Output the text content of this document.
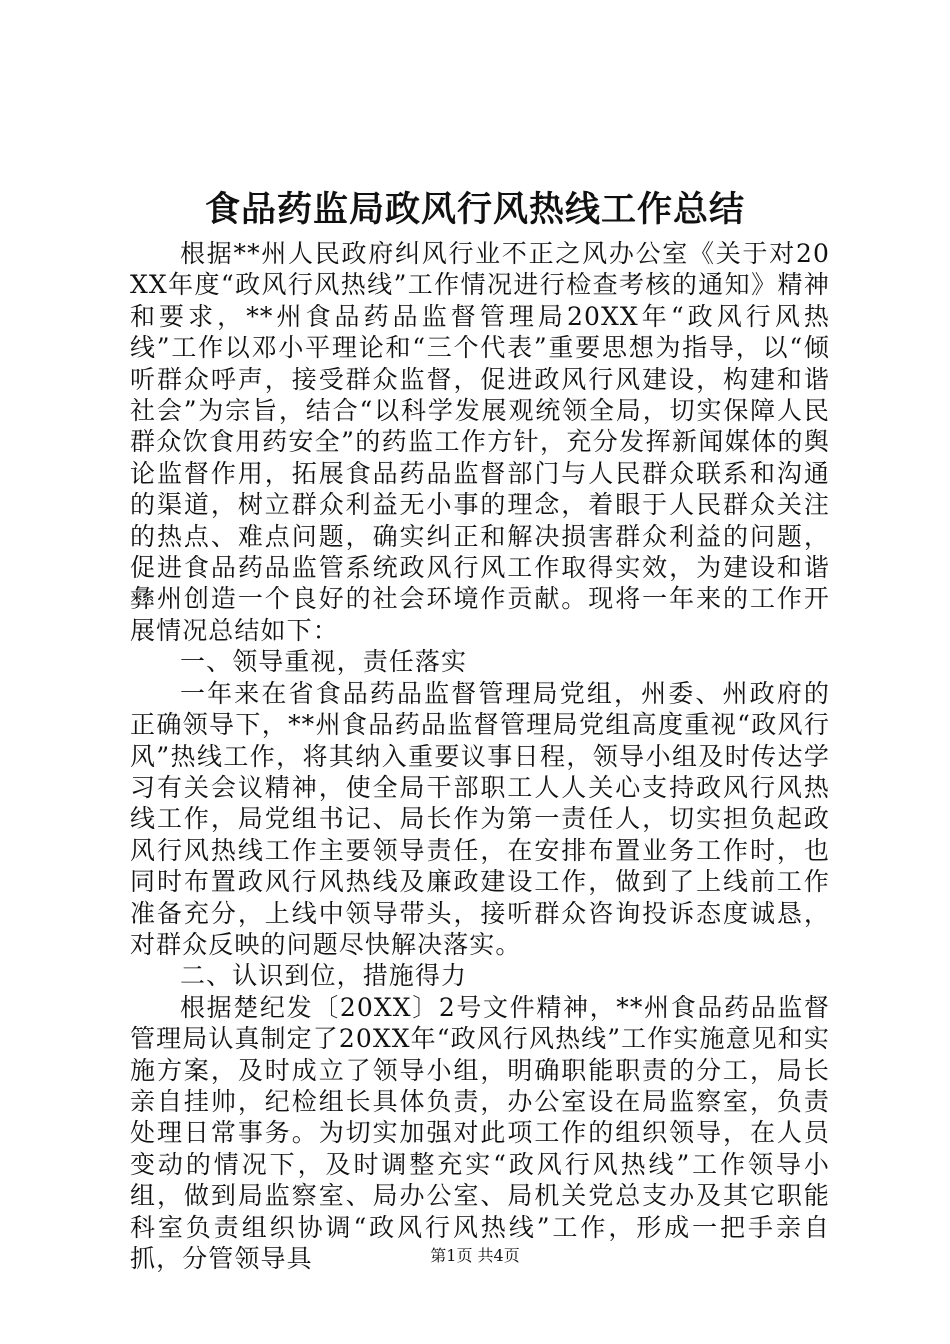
食品药监局政风行风热线工作总结

根据**州人民政府纠风行业不正之风办公室《关于对20XX年度“政风行风热线”工作情况进行检查考核的通知》精神和要求，**州食品药品监督管理局20XX年“政风行风热线”工作以邓小平理论和“三个代表”重要思想为指导，以“倾听群众呼声，接受群众监督，促进政风行风建设，构建和谐社会”为宗旨，结合“以科学发展观统领全局，切实保障人民群众饮食用药安全”的药监工作方针，充分发挥新闻媒体的舆论监督作用，拓展食品药品监督部门与人民群众联系和沟通的渠道，树立群众利益无小事的理念，着眼于人民群众关注的热点、难点问题，确实纠正和解决损害群众利益的问题，促进食品药品监管系统政风行风工作取得实效，为建设和谐彝州创造一个良好的社会环境作贡献。现将一年来的工作开展情况总结如下：

一、领导重视，责任落实

一年来在省食品药品监督管理局党组，州委、州政府的正确领导下，**州食品药品监督管理局党组高度重视“政风行风”热线工作，将其纳入重要议事日程，领导小组及时传达学习有关会议精神，使全局干部职工人人关心支持政风行风热线工作，局党组书记、局长作为第一责任人，切实担负起政风行风热线工作主要领导责任，在安排布置业务工作时，也同时布置政风行风热线及廉政建设工作，做到了上线前工作准备充分，上线中领导带头，接听群众咨询投诉态度诚恳，对群众反映的问题尽快解决落实。

二、认识到位，措施得力

根据楚纪发〔20XX〕2号文件精神，**州食品药品监督管理局认真制定了20XX年“政风行风热线”工作实施意见和实施方案，及时成立了领导小组，明确职能职责的分工，局长亲自挂帅，纪检组长具体负责，办公室设在局监察室，负责处理日常事务。为切实加强对此项工作的组织领导，在人员变动的情况下，及时调整充实“政风行风热线”工作领导小组，做到局监察室、局办公室、局机关党总支办及其它职能科室负责组织协调“政风行风热线”工作，形成一把手亲自抓，分管领导具	第1页 共4页
